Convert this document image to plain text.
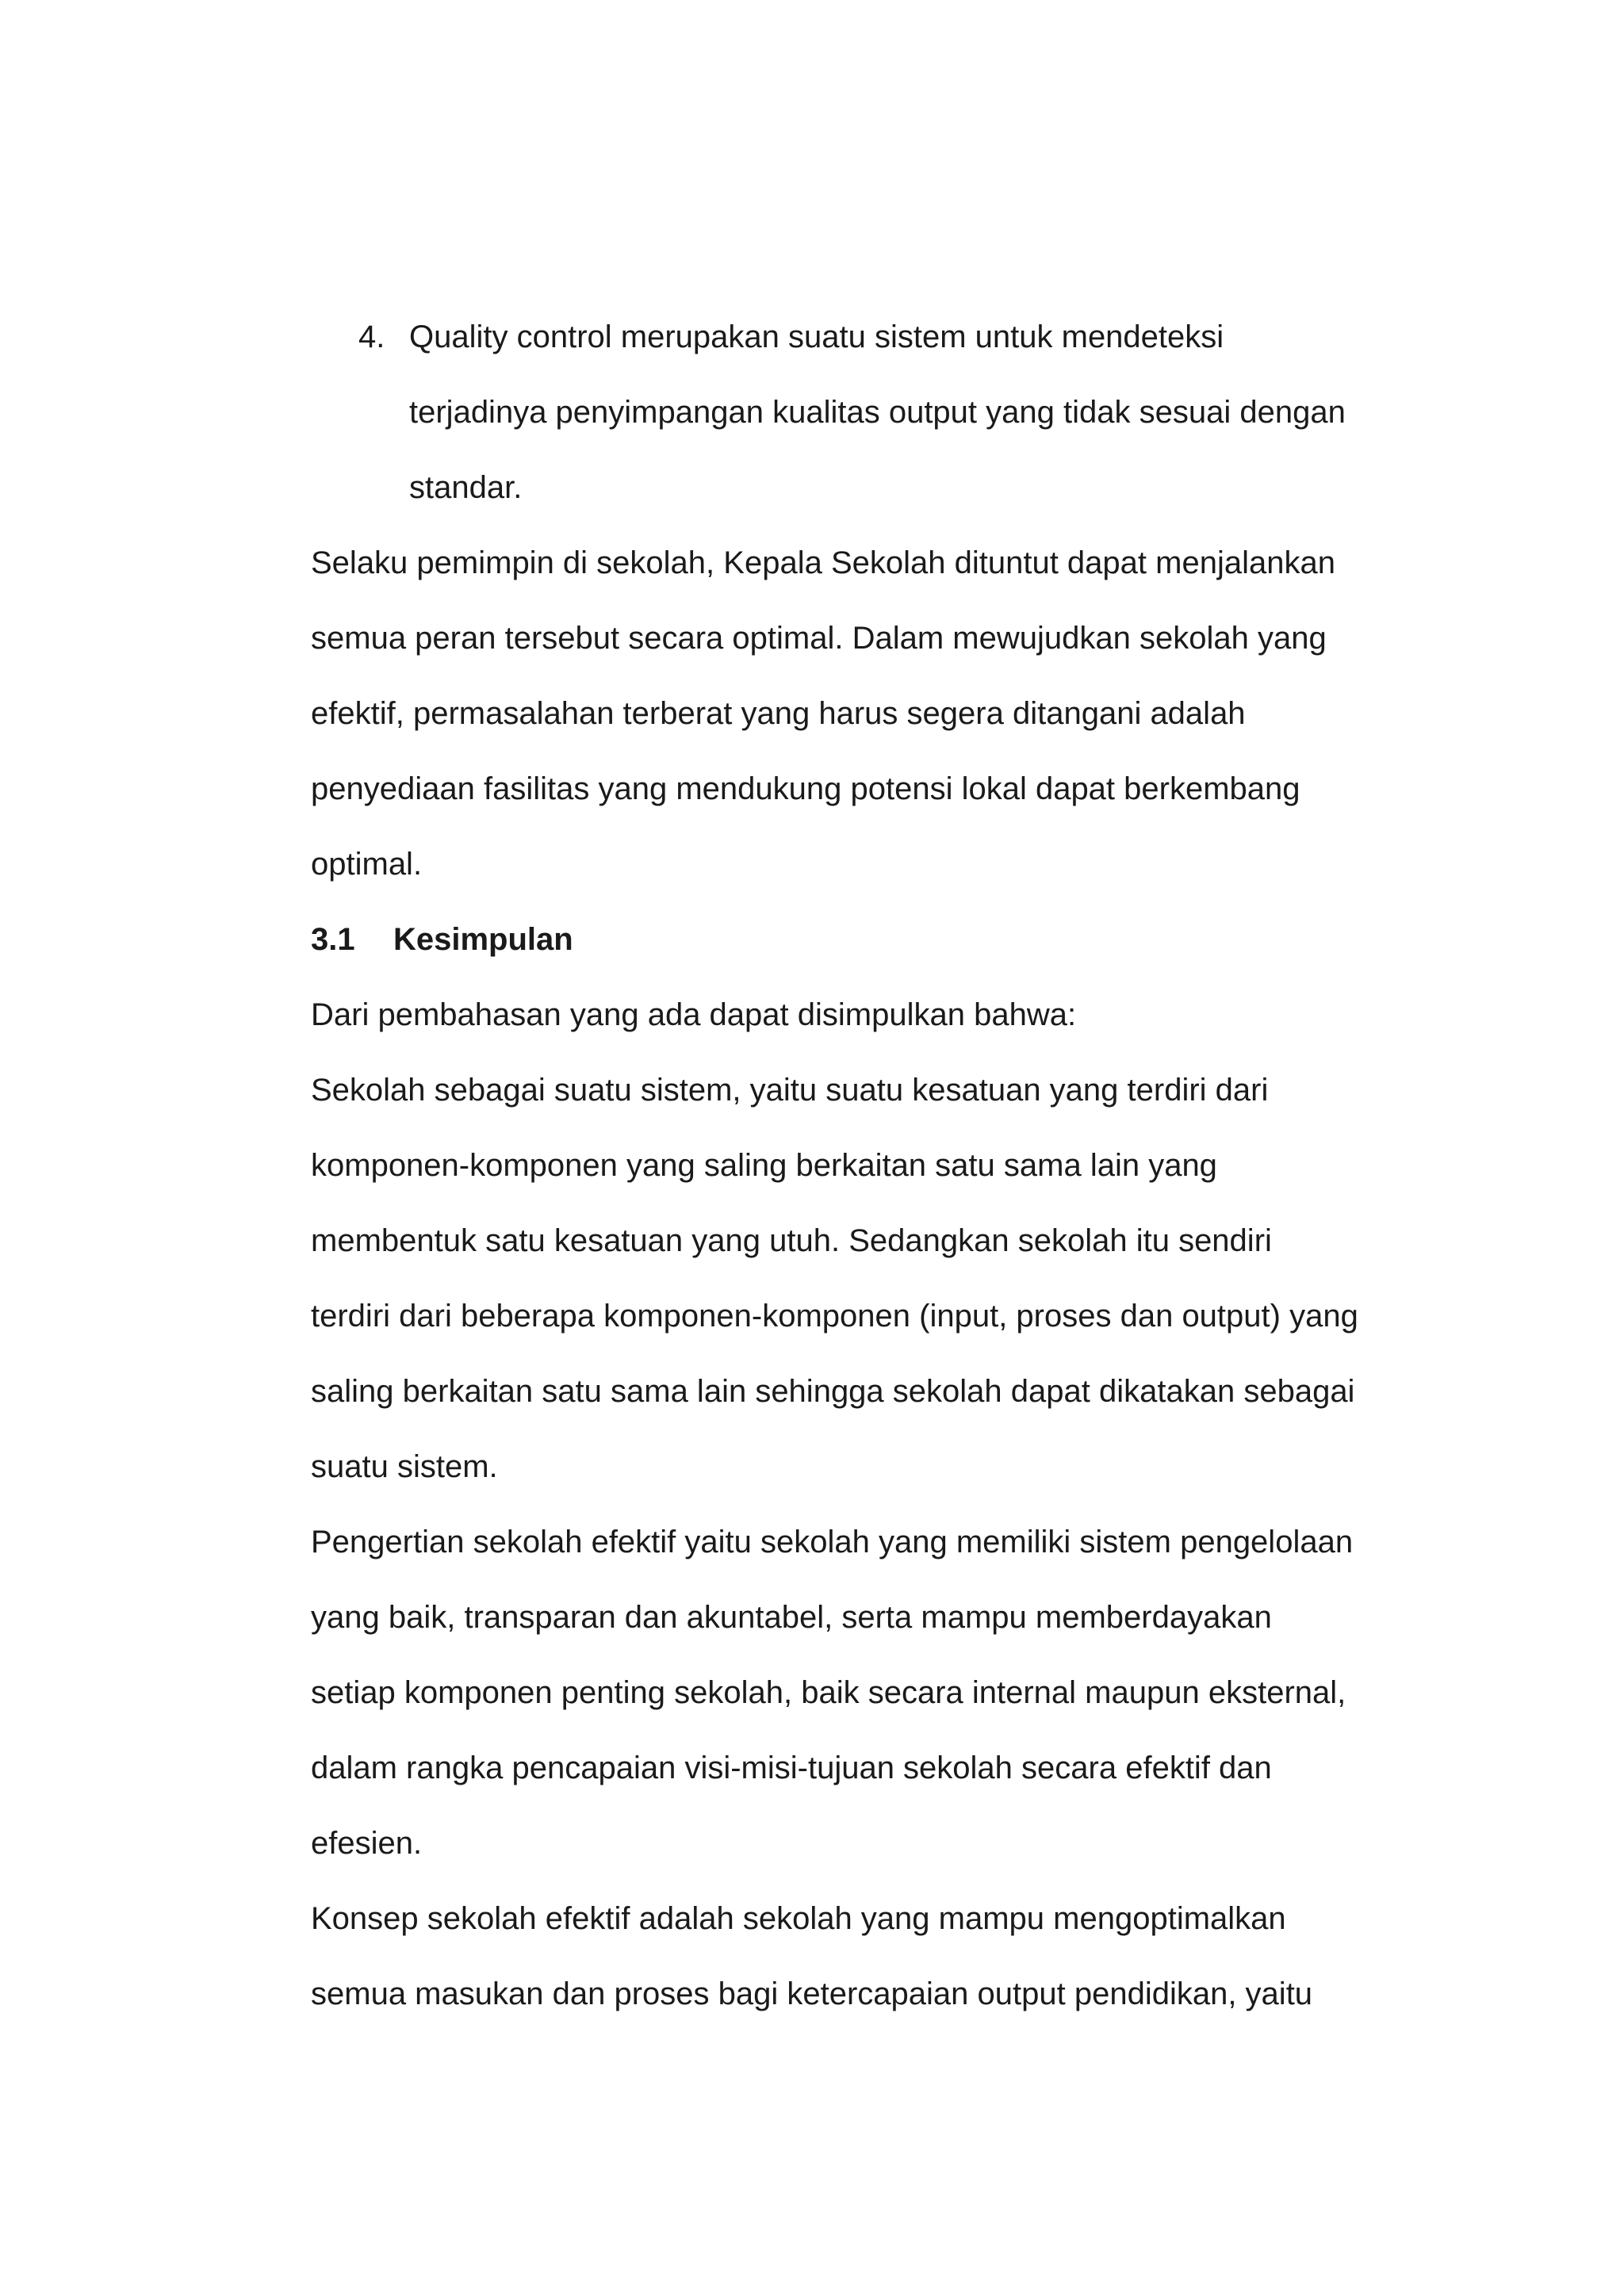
4. Quality control merupakan suatu sistem untuk mendeteksi
terjadinya penyimpangan kualitas output yang tidak sesuai dengan
standar.
Selaku pemimpin di sekolah, Kepala Sekolah dituntut dapat menjalankan
semua peran tersebut secara optimal. Dalam mewujudkan sekolah yang
efektif, permasalahan terberat yang harus segera ditangani adalah
penyediaan fasilitas yang mendukung potensi lokal dapat berkembang
optimal.
3.1 Kesimpulan
Dari pembahasan yang ada dapat disimpulkan bahwa:
Sekolah sebagai suatu sistem, yaitu suatu kesatuan yang terdiri dari
komponen-komponen yang saling berkaitan satu sama lain yang
membentuk satu kesatuan yang utuh. Sedangkan sekolah itu sendiri
terdiri dari beberapa komponen-komponen (input, proses dan output) yang
saling berkaitan satu sama lain sehingga sekolah dapat dikatakan sebagai
suatu sistem.
Pengertian sekolah efektif yaitu sekolah yang memiliki sistem pengelolaan
yang baik, transparan dan akuntabel, serta mampu memberdayakan
setiap komponen penting sekolah, baik secara internal maupun eksternal,
dalam rangka pencapaian visi-misi-tujuan sekolah secara efektif dan
efesien.
Konsep sekolah efektif adalah sekolah yang mampu mengoptimalkan
semua masukan dan proses bagi ketercapaian output pendidikan, yaitu
